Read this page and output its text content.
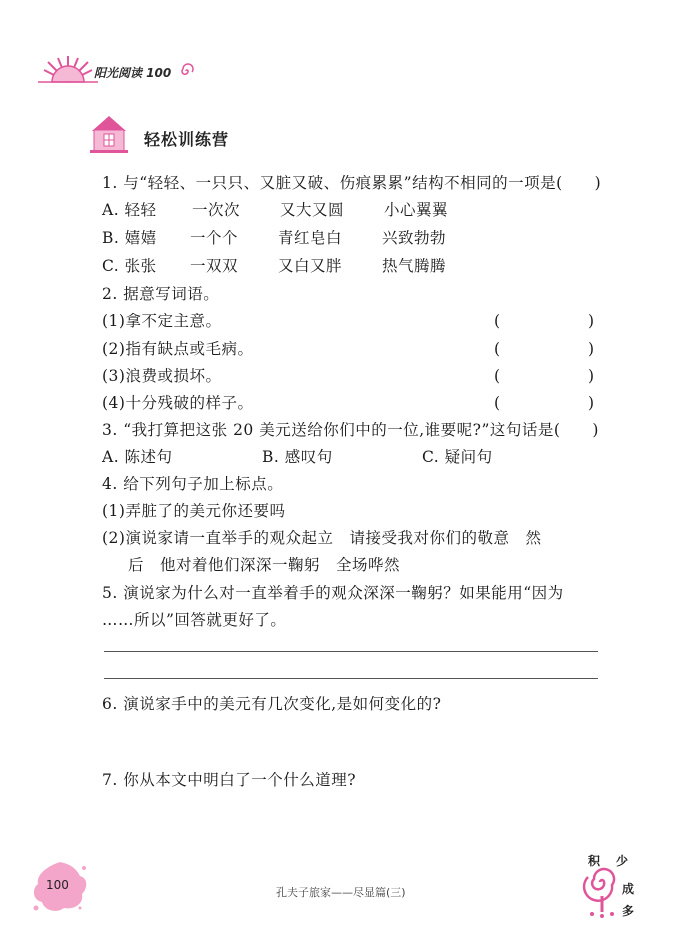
阳光阅读 100
轻松训练营
1. 与“轻轻、一只只、又脏又破、伤痕累累”结构不相同的一项是(　　)
A. 轻轻 一次次	又大又圆	小心翼翼
B. 嬉嬉 一个个	青红皂白	兴致勃勃
C. 张张 一双双	又白又胖	热气腾腾
2. 据意写词语。
(1)拿不定主意。	(	)
(2)指有缺点或毛病。	(	)
(3)浪费或损坏。	(	)
(4)十分残破的样子。	(	)
3. “我打算把这张 20 美元送给你们中的一位,谁要呢?”这句话是(　　)
A. 陈述句	B. 感叹句	C. 疑问句
4. 给下列句子加上标点。
(1)弄脏了的美元你还要吗
(2)演说家请一直举手的观众起立　请接受我对你们的敬意　然
后　他对着他们深深一鞠躬　全场哗然
5. 演说家为什么对一直举着手的观众深深一鞠躬？如果能用“因为
……所以”回答就更好了。
6. 演说家手中的美元有几次变化,是如何变化的?
7. 你从本文中明白了一个什么道理?
100
孔夫子旅家——尽显篇(三)
积 少
成
多
